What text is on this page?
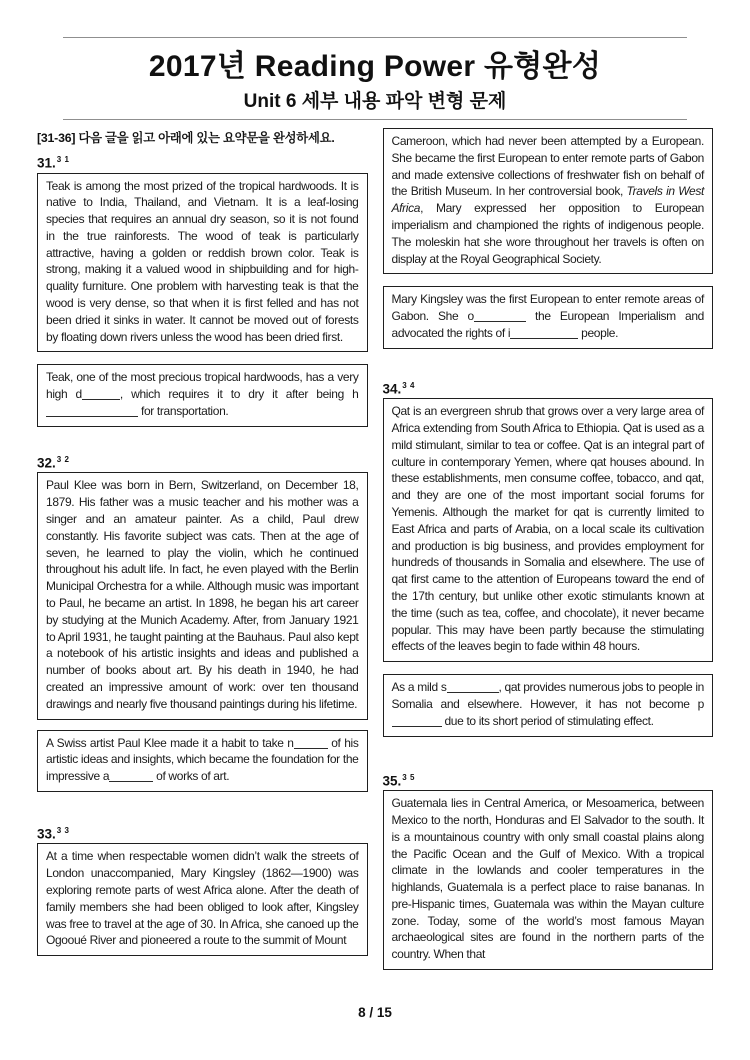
2017년 Reading Power 유형완성
Unit 6 세부 내용 파악 변형 문제

[31-36] 다음 글을 읽고 아래에 있는 요약문을 완성하세요.

31.$^{3 1}$

Teak is among the most prized of the tropical hardwoods. It is native to India, Thailand, and Vietnam. It is a leaf-losing species that requires an annual dry season, so it is not found in the true rainforests. The wood of teak is particularly attractive, having a golden or reddish brown color. Teak is strong, making it a valued wood in shipbuilding and for high-quality furniture. One problem with harvesting teak is that the wood is very dense, so that when it is first felled and has not been dried it sinks in water. It cannot be moved out of forests by floating down rivers unless the wood has been dried first.
Teak, one of the most precious tropical hardwoods, has a very high d	, which requires it to dry it after being h for transportation.

32.$^{3 2}$

Paul Klee was born in Bern, Switzerland, on December 18, 1879. His father was a music teacher and his mother was a singer and an amateur painter. As a child, Paul drew constantly. His favorite subject was cats. Then at the age of seven, he learned to play the violin, which he continued throughout his adult life. In fact, he even played with the Berlin Municipal Orchestra for a while. Although music was important to Paul, he became an artist. In 1898, he began his art career by studying at the Munich Academy. After, from January 1921 to April 1931, he taught painting at the Bauhaus. Paul also kept a notebook of his artistic insights and ideas and published a number of books about art. By his death in 1940, he had created an impressive amount of work: over ten thousand drawings and nearly five thousand paintings during his lifetime.
A Swiss artist Paul Klee made it a habit to take n	of his artistic ideas and insights, which became the foundation for the impressive a	of works of art.

33.$^{3 3}$

At a time when respectable women didn’t walk the streets of London unaccompanied, Mary Kingsley (1862—1900) was exploring remote parts of west Africa alone. After the death of family members she had been obliged to look after, Kingsley was free to travel at the age of 30. In Africa, she canoed up the Ogooué River and pioneered a route to the summit of Mount
Cameroon, which had never been attempted by a European. She became the first European to enter remote parts of Gabon and made extensive collections of freshwater fish on behalf of the British Museum. In her controversial book, Travels in West Africa, Mary expressed her opposition to European imperialism and championed the rights of indigenous people. The moleskin hat she wore throughout her travels is often on display at the Royal Geographical Society.
Mary Kingsley was the first European to enter remote areas of Gabon. She o	the European Imperialism and advocated the rights of i	people.

34.$^{3 4}$

Qat is an evergreen shrub that grows over a very large area of Africa extending from South Africa to Ethiopia. Qat is used as a mild stimulant, similar to tea or coffee. Qat is an integral part of culture in contemporary Yemen, where qat houses abound. In these establishments, men consume coffee, tobacco, and qat, and they are one of the most important social forums for Yemenis. Although the market for qat is currently limited to East Africa and parts of Arabia, on a local scale its cultivation and production is big business, and provides employment for hundreds of thousands in Somalia and elsewhere. The use of qat first came to the attention of Europeans toward the end of the 17th century, but unlike other exotic stimulants known at the time (such as tea, coffee, and chocolate), it never became popular. This may have been partly because the stimulating effects of the leaves begin to fade within 48 hours.
As a mild s	, qat provides numerous jobs to people in Somalia and elsewhere. However, it has not become p due to its short period of stimulating effect.

35.$^{3 5}$

Guatemala lies in Central America, or Mesoamerica, between Mexico to the north, Honduras and El Salvador to the south. It is a mountainous country with only small coastal plains along the Pacific Ocean and the Gulf of Mexico. With a tropical climate in the lowlands and cooler temperatures in the highlands, Guatemala is a perfect place to raise bananas. In pre-Hispanic times, Guatemala was within the Mayan culture zone. Today, some of the world’s most famous Mayan archaeological sites are found in the northern parts of the country. When that
8 / 15
